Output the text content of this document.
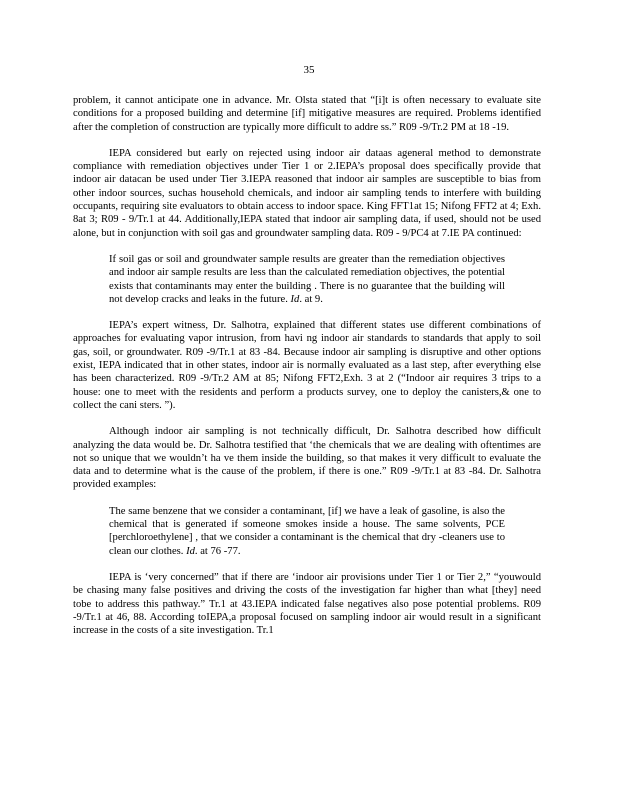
35

problem, it cannot anticipate one in advance. Mr. Olsta stated that “[i]t is often necessary to evaluate site conditions for a proposed building and determine [if] mitigative measures are required. Problems identified after the completion of construction are typically more difficult to addre ss.” R09 -9/Tr.2 PM at 18 -19.

IEPA considered but early on rejected using indoor air dataas ageneral method to demonstrate compliance with remediation objectives under Tier 1 or 2.IEPA’s proposal does specifically provide that indoor air datacan be used under Tier 3.IEPA reasoned that indoor air samples are susceptible to bias from other indoor sources, suchas household chemicals, and indoor air sampling tends to interfere with building occupants, requiring site evaluators to obtain access to indoor space. King FFT1at 15; Nifong FFT2 at 4; Exh. 8at 3; R09 - 9/Tr.1 at 44. Additionally,IEPA stated that indoor air sampling data, if used, should not be used alone, but in conjunction with soil gas and groundwater sampling data. R09 - 9/PC4 at 7.IE PA continued:

If soil gas or soil and groundwater sample results are greater than the remediation objectives and indoor air sample results are less than the calculated remediation objectives, the potential exists that contaminants may enter the building . There is no guarantee that the building will not develop cracks and leaks in the future. Id. at 9.

IEPA’s expert witness, Dr. Salhotra, explained that different states use different combinations of approaches for evaluating vapor intrusion, from havi ng indoor air standards to standards that apply to soil gas, soil, or groundwater. R09 -9/Tr.1 at 83 -84. Because indoor air sampling is disruptive and other options exist, IEPA indicated that in other states, indoor air is normally evaluated as a last step, after everything else has been characterized. R09 -9/Tr.2 AM at 85; Nifong FFT2,Exh. 3 at 2 (“Indoor air requires 3 trips to a house: one to meet with the residents and perform a products survey, one to deploy the canisters,& one to collect the cani sters. ”).

Although indoor air sampling is not technically difficult, Dr. Salhotra described how difficult analyzing the data would be. Dr. Salhotra testified that ‘the chemicals that we are dealing with oftentimes are not so unique that we wouldn’t ha ve them inside the building, so that makes it very difficult to evaluate the data and to determine what is the cause of the problem, if there is one.” R09 -9/Tr.1 at 83 -84. Dr. Salhotra provided examples:

The same benzene that we consider a contaminant, [if] we have a leak of gasoline, is also the chemical that is generated if someone smokes inside a house. The same solvents, PCE [perchloroethylene] , that we consider a contaminant is the chemical that dry -cleaners use to clean our clothes. Id. at 76 -77.

IEPA is ‘very concerned” that if there are ‘indoor air provisions under Tier 1 or Tier 2,” “youwould be chasing many false positives and driving the costs of the investigation far higher than what [they] need tobe to address this pathway.” Tr.1 at 43.IEPA indicated false negatives also pose potential problems. R09 -9/Tr.1 at 46, 88. According toIEPA,a proposal focused on sampling indoor air would result in a significant increase in the costs of a site investigation. Tr.1
